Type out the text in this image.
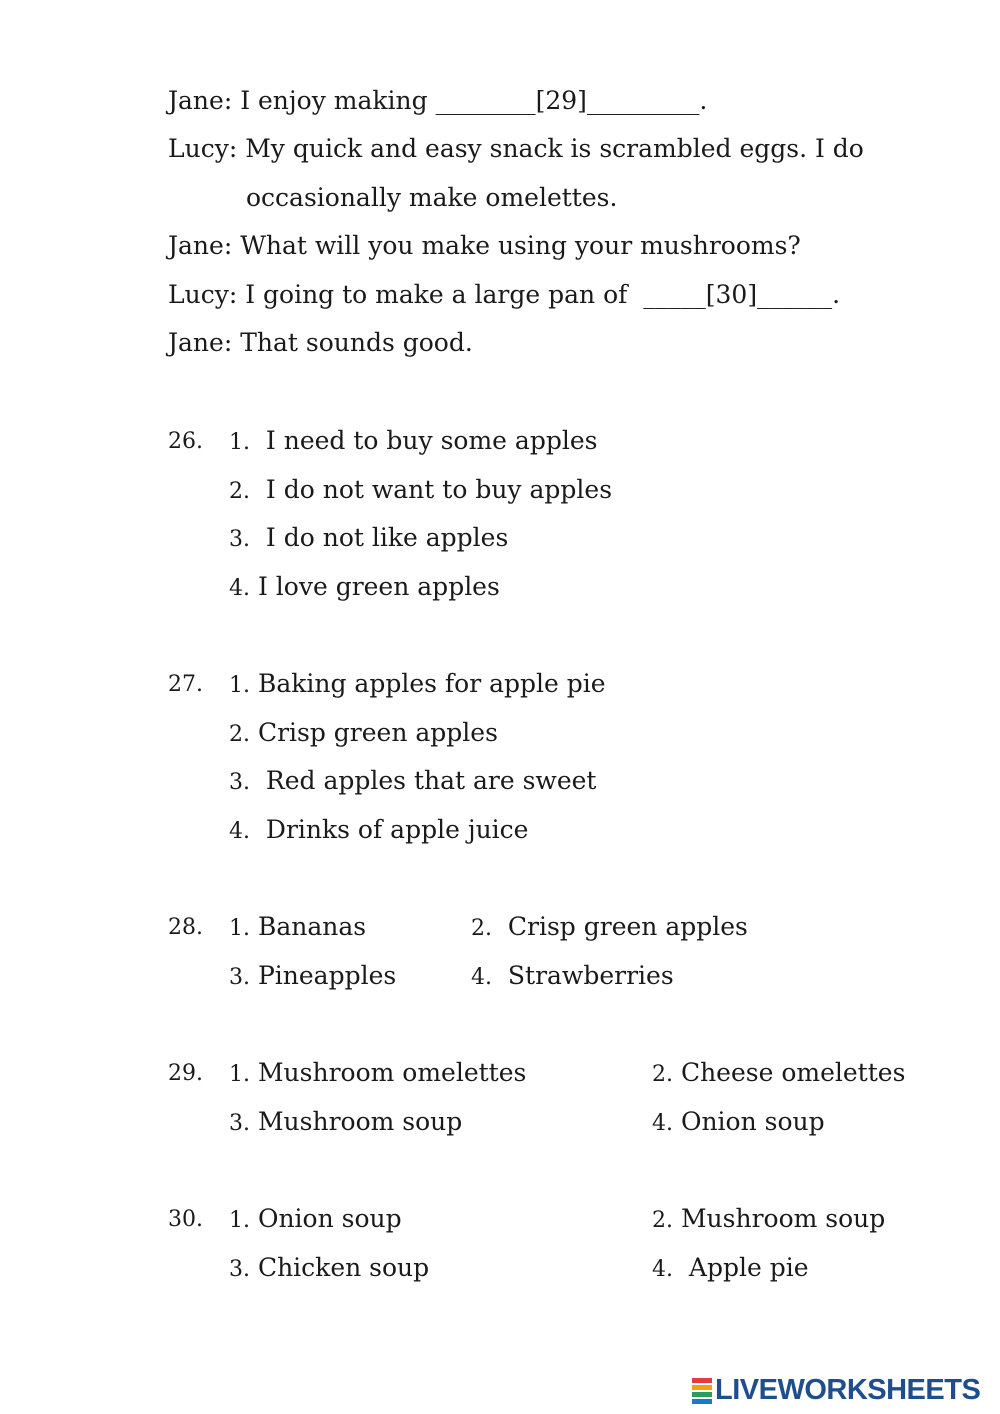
Jane: I enjoy making ________[29]_________.
Lucy: My quick and easy snack is scrambled eggs. I do
occasionally make omelettes.
Jane: What will you make using your mushrooms?
Lucy: I going to make a large pan of  _____[30]______.
Jane: That sounds good.
26. 1. I need to buy some apples
2. I do not want to buy apples
3. I do not like apples
4. I love green apples
27. 1. Baking apples for apple pie
2. Crisp green apples
3. Red apples that are sweet
4. Drinks of apple juice
28. 1. Bananas	2. Crisp green apples
3. Pineapples	4. Strawberries
29. 1. Mushroom omelettes	2. Cheese omelettes
3. Mushroom soup	4. Onion soup
30. 1. Onion soup	2. Mushroom soup
3. Chicken soup	4. Apple pie
LIVEWORKSHEETS
